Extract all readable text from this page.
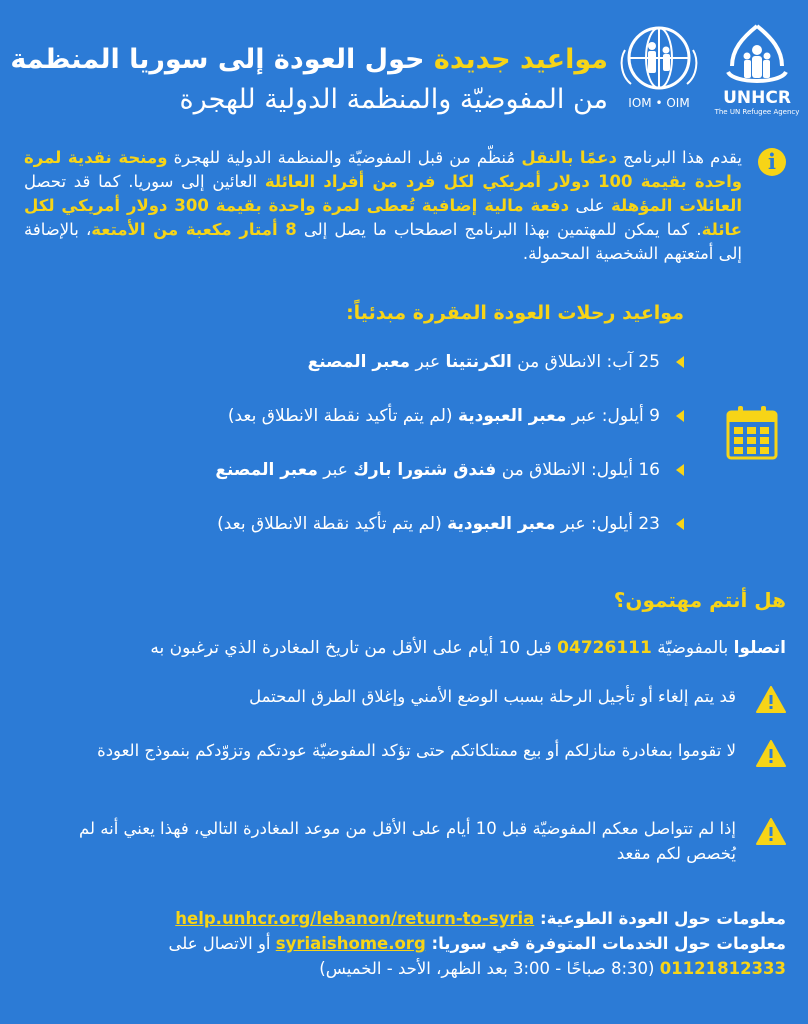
UNHCR
The UN Refugee Agency
IOM • OIM
مواعيد جديدة حول العودة إلى سوريا المنظمة
من المفوضيّة والمنظمة الدولية للهجرة
i
يقدم هذا البرنامج دعمًا بالنقل مُنظّم من قبل المفوضيّة والمنظمة الدولية للهجرة ومنحة نقدية لمرة واحدة بقيمة 100 دولار أمريكي لكل فرد من أفراد العائلة العائين إلى سوريا. كما قد تحصل العائلات المؤهلة على دفعة مالية إضافية تُعطى لمرة واحدة بقيمة 300 دولار أمريكي لكل عائلة. كما يمكن للمهتمين بهذا البرنامج اصطحاب ما يصل إلى 8 أمتار مكعبة من الأمتعة، بالإضافة إلى أمتعتهم الشخصية المحمولة.
مواعيد رحلات العودة المقررة مبدئياً:
25 آب: الانطلاق من الكرنتينا عبر معبر المصنع
9 أيلول: عبر معبر العبودية (لم يتم تأكيد نقطة الانطلاق بعد)
16 أيلول: الانطلاق من فندق شتورا بارك عبر معبر المصنع
23 أيلول: عبر معبر العبودية (لم يتم تأكيد نقطة الانطلاق بعد)
هل أنتم مهتمون؟
اتصلوا بالمفوضيّة 04726111 قبل 10 أيام على الأقل من تاريخ المغادرة الذي ترغبون به
قد يتم إلغاء أو تأجيل الرحلة بسبب الوضع الأمني وإغلاق الطرق المحتمل
لا تقوموا بمغادرة منازلكم أو بيع ممتلكاتكم حتى تؤكد المفوضيّة عودتكم وتزوّدكم بنموذج العودة
إذا لم تتواصل معكم المفوضيّة قبل 10 أيام على الأقل من موعد المغادرة التالي، فهذا يعني أنه لم يُخصص لكم مقعد
معلومات حول العودة الطوعية: help.unhcr.org/lebanon/return-to-syria
معلومات حول الخدمات المتوفرة في سوريا: syriaishome.org أو الاتصال على
01121812333 (8:30 صباحًا - 3:00 بعد الظهر، الأحد - الخميس)
